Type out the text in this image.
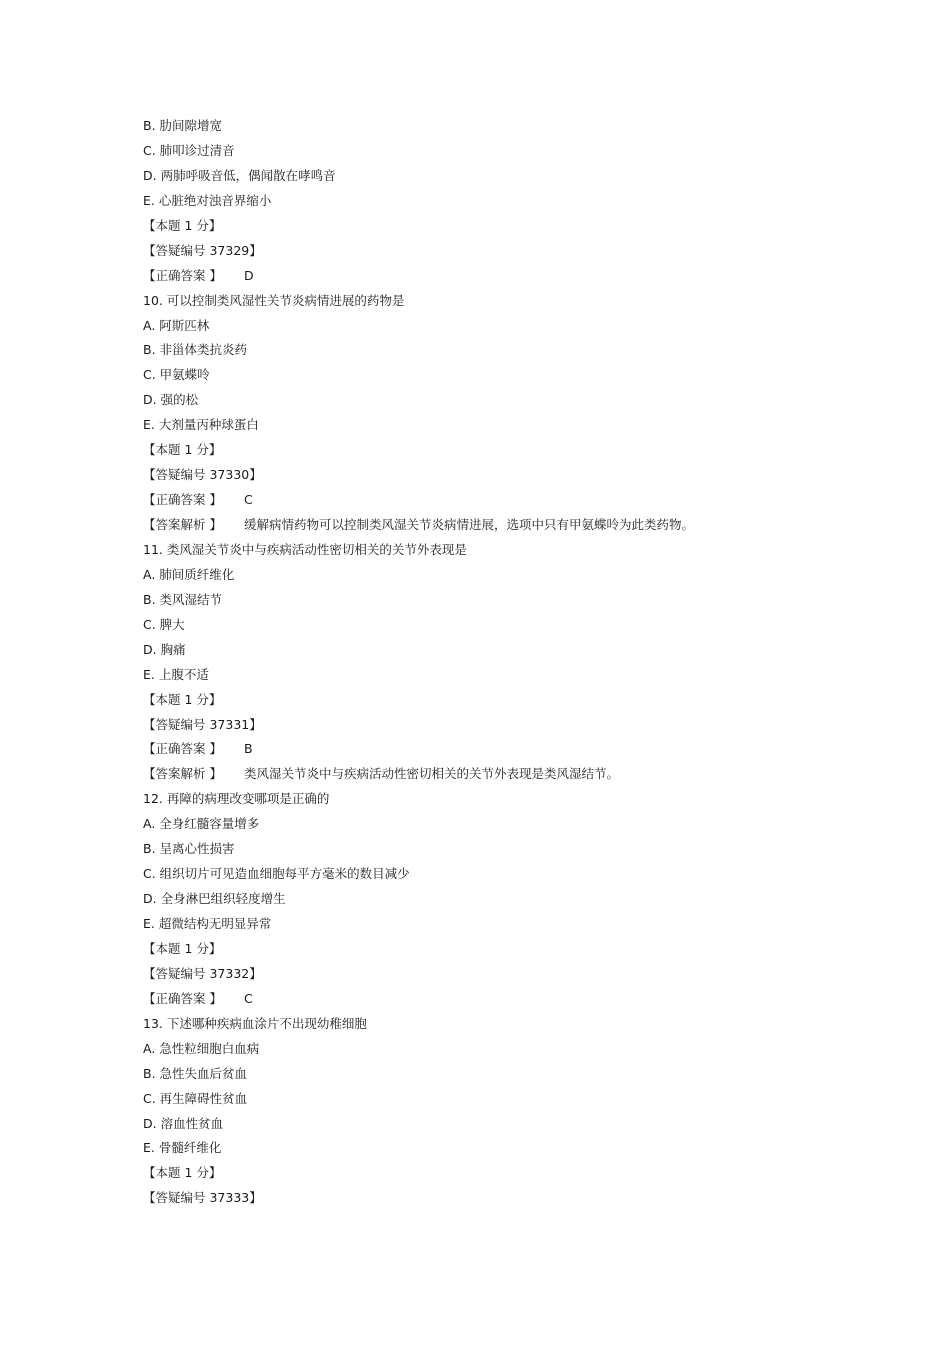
B. 肋间隙增宽
C. 肺叩诊过清音
D. 两肺呼吸音低，偶闻散在哮鸣音
E. 心脏绝对浊音界缩小
【本题 1 分】
【答疑编号 37329】
【正确答案 】 D
10. 可以控制类风湿性关节炎病情进展的药物是
A. 阿斯匹林
B. 非甾体类抗炎药
C. 甲氨蝶呤
D. 强的松
E. 大剂量丙种球蛋白
【本题 1 分】
【答疑编号 37330】
【正确答案 】 C
【答案解析 】 缓解病情药物可以控制类风湿关节炎病情进展，选项中只有甲氨蝶呤为此类药物。
11. 类风湿关节炎中与疾病活动性密切相关的关节外表现是
A. 肺间质纤维化
B. 类风湿结节
C. 脾大
D. 胸痛
E. 上腹不适
【本题 1 分】
【答疑编号 37331】
【正确答案 】 B
【答案解析 】 类风湿关节炎中与疾病活动性密切相关的关节外表现是类风湿结节。
12. 再障的病理改变哪项是正确的
A. 全身红髓容量增多
B. 呈离心性损害
C. 组织切片可见造血细胞每平方毫米的数目减少
D. 全身淋巴组织轻度增生
E. 超微结构无明显异常
【本题 1 分】
【答疑编号 37332】
【正确答案 】 C
13. 下述哪种疾病血涂片不出现幼稚细胞
A. 急性粒细胞白血病
B. 急性失血后贫血
C. 再生障碍性贫血
D. 溶血性贫血
E. 骨髓纤维化
【本题 1 分】
【答疑编号 37333】
